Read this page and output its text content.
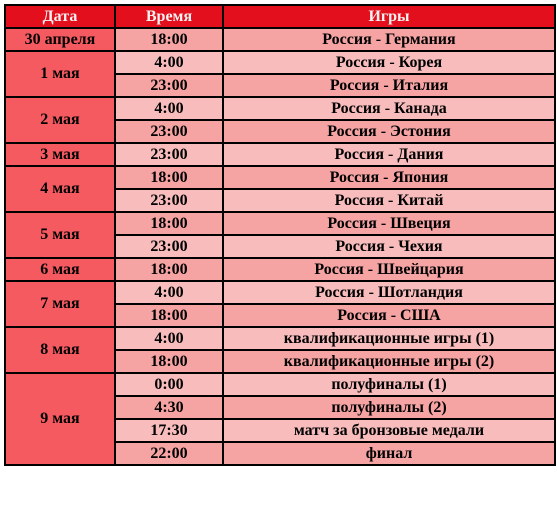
Дата	Время	Игры
30 апреля	18:00	Россия - Германия
1 мая	4:00	Россия - Корея
	23:00	Россия - Италия
2 мая	4:00	Россия - Канада
	23:00	Россия - Эстония
3 мая	23:00	Россия - Дания
4 мая	18:00	Россия - Япония
	23:00	Россия - Китай
5 мая	18:00	Россия - Швеция
	23:00	Россия - Чехия
6 мая	18:00	Россия - Швейцария
7 мая	4:00	Россия - Шотландия
	18:00	Россия - США
8 мая	4:00	квалификационные игры (1)
	18:00	квалификационные игры (2)
9 мая	0:00	полуфиналы (1)
	4:30	полуфиналы (2)
	17:30	матч за бронзовые медали
	22:00	финал
